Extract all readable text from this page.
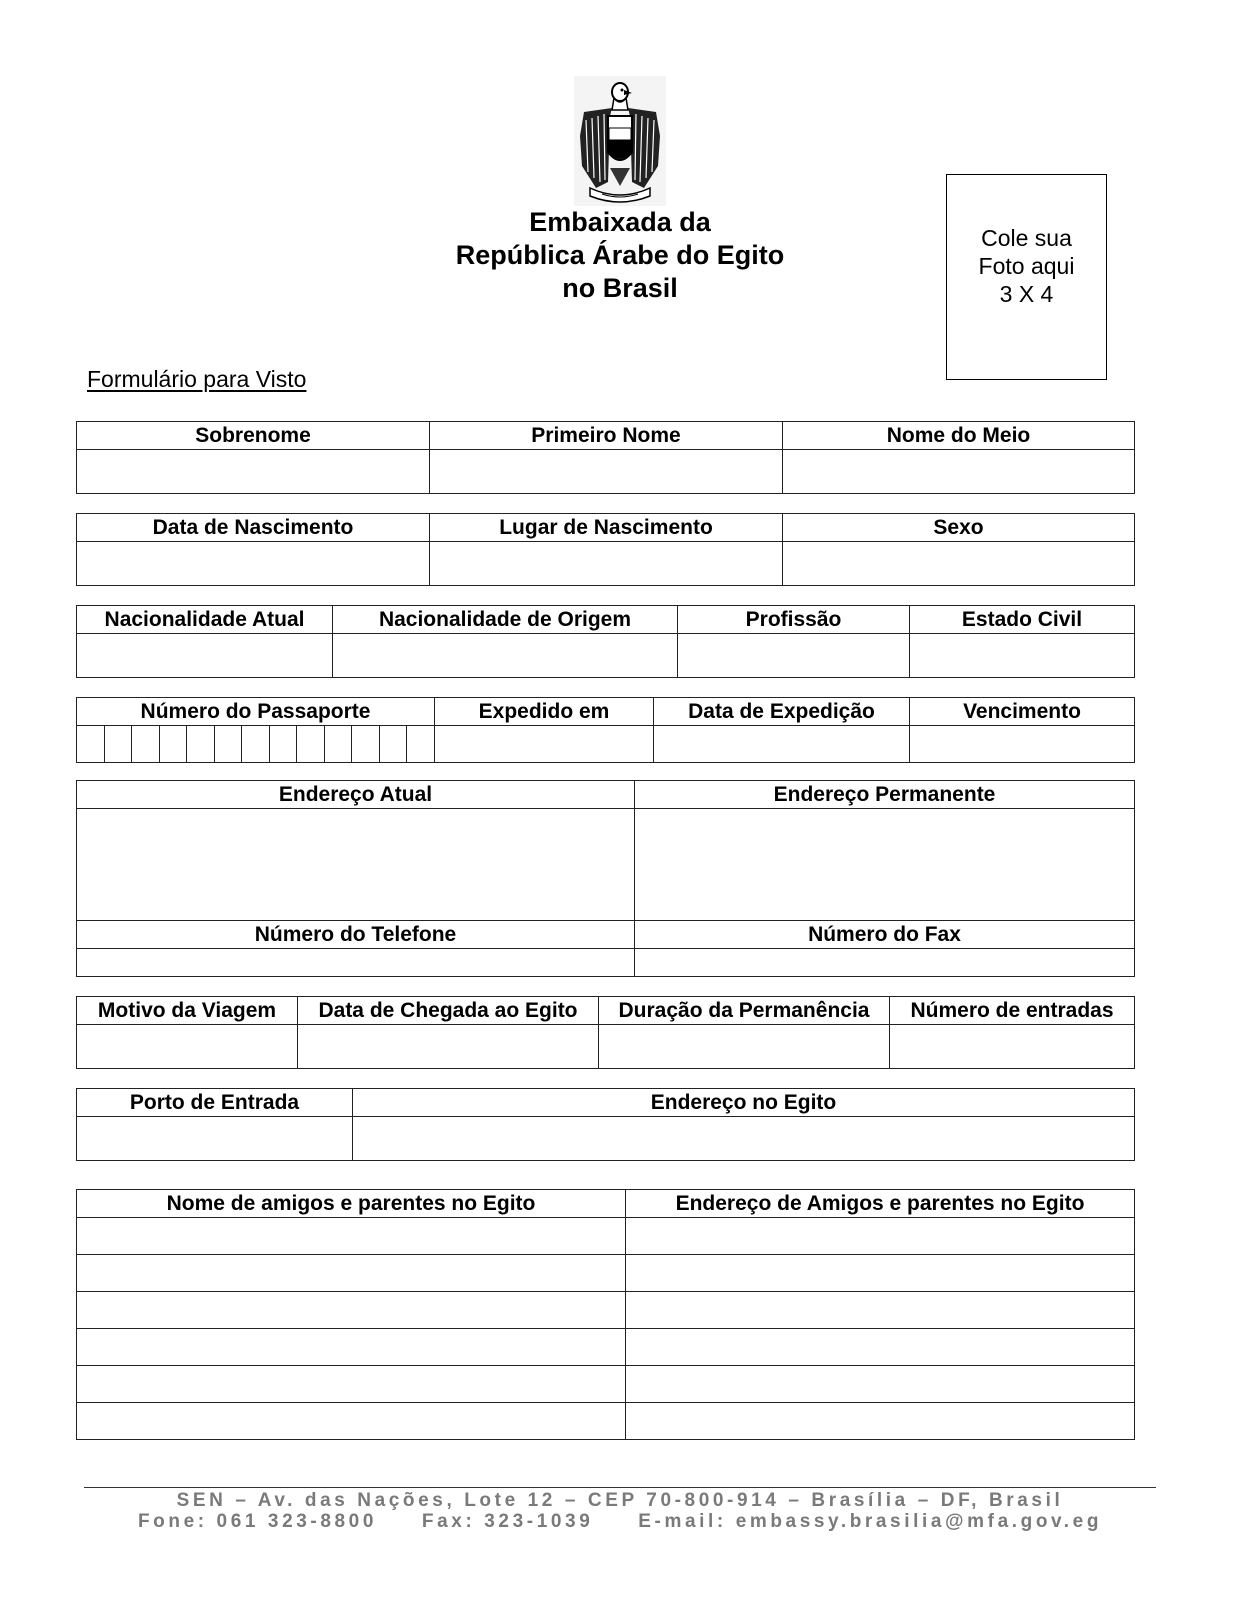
Embaixada da
República Árabe do Egito
no Brasil
Cole sua
Foto aqui
3 X 4
Formulário para Visto
Sobrenome	Primeiro Nome	Nome do Meio

Data de Nascimento	Lugar de Nascimento	Sexo

Nacionalidade Atual	Nacionalidade de Origem	Profissão	Estado Civil

Número do Passaporte	Expedido em	Data de Expedição	Vencimento

Endereço Atual	Endereço Permanente

Número do Telefone	Número do Fax

Motivo da Viagem	Data de Chegada ao Egito	Duração da Permanência	Número de entradas

Porto de Entrada	Endereço no Egito

Nome de amigos e parentes no Egito	Endereço de Amigos e parentes no Egito

SEN – Av. das Nações, Lote 12 – CEP 70-800-914 – Brasília – DF, Brasil
Fone: 061 323-8800 Fax: 323-1039 E-mail: embassy.brasilia@mfa.gov.eg
